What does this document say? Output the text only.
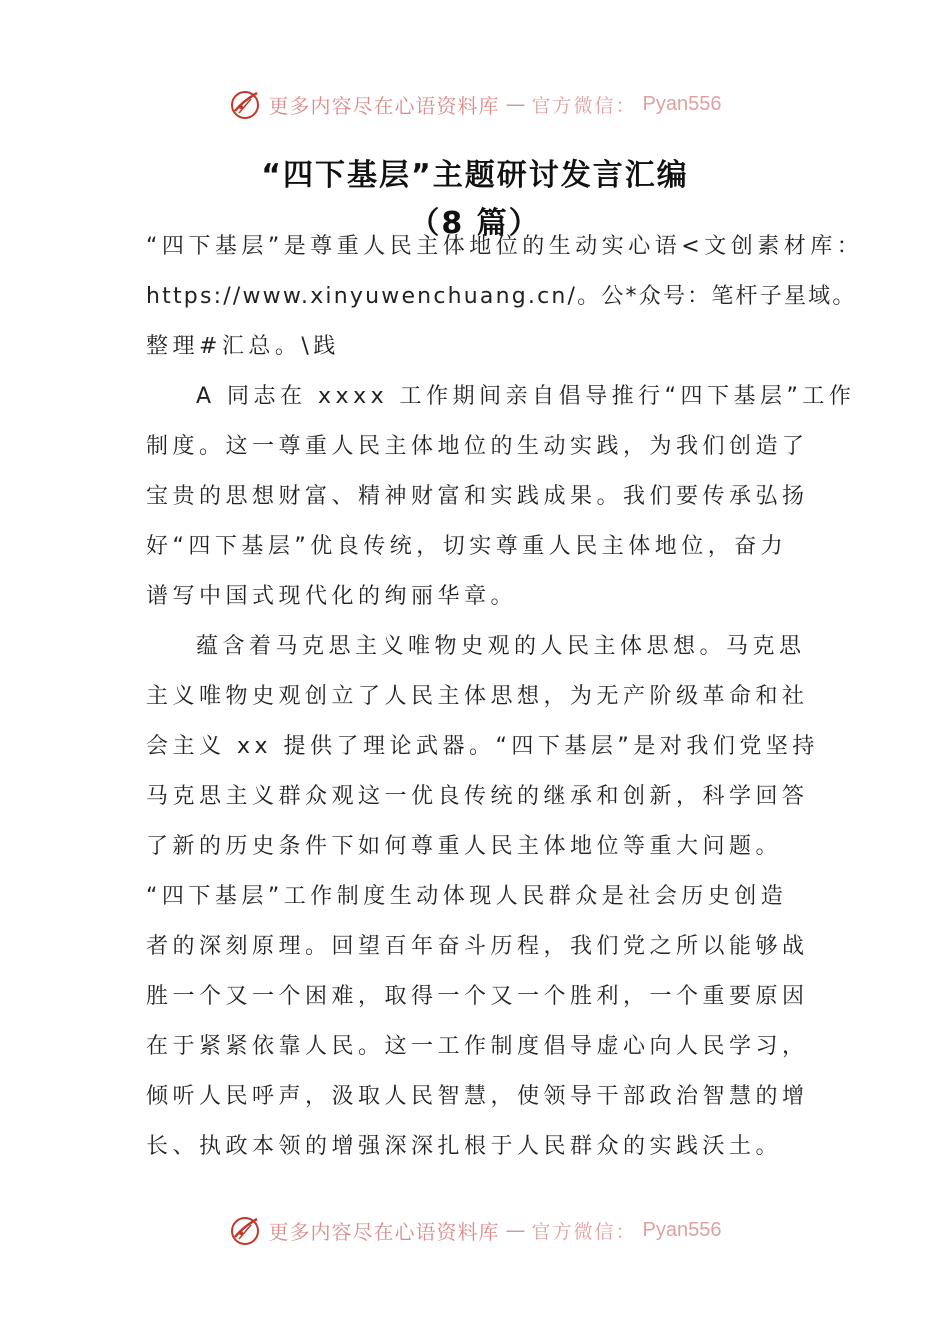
更多内容尽在心语资料库 — 官方微信： Pyan556
“四下基层”主题研讨发言汇编
（8 篇）

“四下基层”是尊重人民主体地位的生动实心语<文创素材库：
https://www.xinyuwenchuang.cn/。公*众号：笔杆子星域。
整理#汇总。\践

A 同志在 xxxx 工作期间亲自倡导推行“四下基层”工作
制度。这一尊重人民主体地位的生动实践，为我们创造了
宝贵的思想财富、精神财富和实践成果。我们要传承弘扬
好“四下基层”优良传统，切实尊重人民主体地位，奋力
谱写中国式现代化的绚丽华章。

蕴含着马克思主义唯物史观的人民主体思想。马克思
主义唯物史观创立了人民主体思想，为无产阶级革命和社
会主义 xx 提供了理论武器。“四下基层”是对我们党坚持
马克思主义群众观这一优良传统的继承和创新，科学回答
了新的历史条件下如何尊重人民主体地位等重大问题。
“四下基层”工作制度生动体现人民群众是社会历史创造
者的深刻原理。回望百年奋斗历程，我们党之所以能够战
胜一个又一个困难，取得一个又一个胜利，一个重要原因
在于紧紧依靠人民。这一工作制度倡导虚心向人民学习，
倾听人民呼声，汲取人民智慧，使领导干部政治智慧的增
长、执政本领的增强深深扎根于人民群众的实践沃土。

更多内容尽在心语资料库 — 官方微信： Pyan556
